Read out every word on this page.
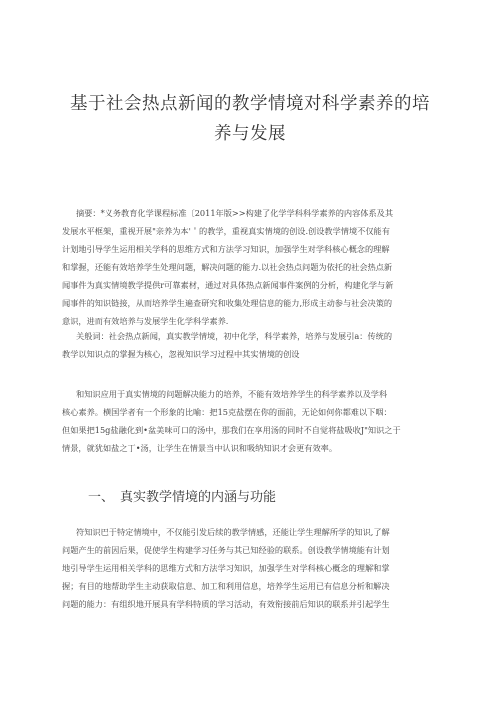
基于社会热点新闻的教学情境对科学素养的培
养与发展
摘要：*义务教育化学课程标准〔2011年版>>构建了化学学科科学素养的内容体系及其
发展水平框架，重视开展"亲养为本'＇的教学，重视真实情境的创设.创设教学情境不仅能有
计划地引导学生运用相关学科的思维方式和方法学习知识，加强学生对学科核心概念的理解
和掌握，还能有效培养学生处理问题，解决问题的能力.以社会热点问题为依托的社会热点新
闻事件为真实情境教学提供r可靠素材，通过对具体热点新闻事件案例的分析，构建化学与新
闻事件的知识链接，从而培养学生遍查研究和收集处理信息的能力,形成主动参与社会决策的
意识，进而有效培养与发展学生化学科学素养.
关般词：社会热点新闻，真实教学情境，初中化学，科学素养，培养与发展引a：传统的
教学以知识点的掌握为核心，忽视知识学习过程中其实情境的创设
和知识应用于真实情境的问题解决能力的培养，不能有效培养学生的科学素养以及学科
核心素养。横国学者有一个形象的比喻：把15克盐摆在你的面前，无论如何你都难以下咽：
但如果把15g盐融化到•盆美味可口的汤中，那我们在享用汤的同时不自觉将盐吸收J"知识之于
情景，就犹如盐之丁•汤，让学生在情景当中认识和吸纳知识才会更有效率。
一、 真实教学情境的内涵与功能
符知识巴于特定情境中，不仅能引发后续的教学情感，还能让学生理解所学的知识,了解
问题产生的前因后果，促使学生构建学习任务与其已知经验的联系。创设教学情境能有计划
地引导学生运用相关学科的思维方式和方法学习知识，加强学生对学科核心概念的理解和掌
握；有目的地帮助学生主动获取信息、加工和利用信息，培养学生运用已有信息分析和解决
问题的能力：有组织地开展具有学科特质的学习活动，有效衔接前后知识的联系并引起学生
